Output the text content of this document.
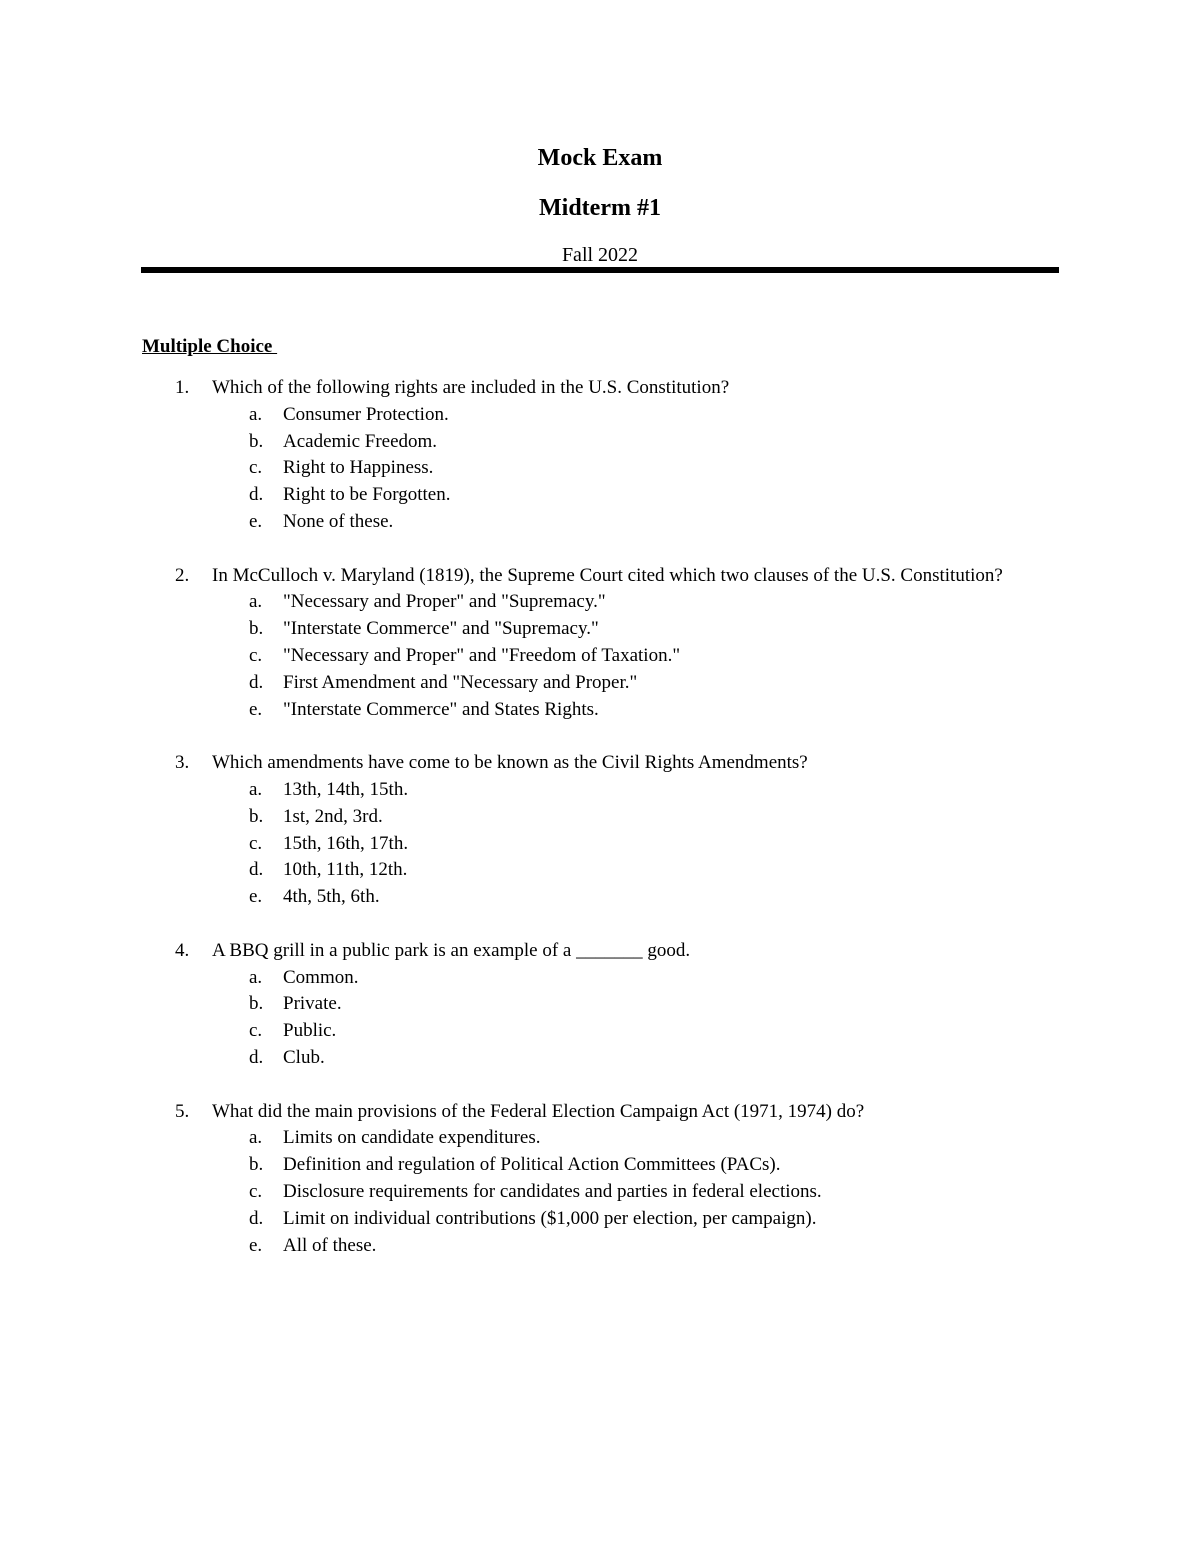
Mock Exam
Midterm #1
Fall 2022
Multiple Choice
1. Which of the following rights are included in the U.S. Constitution?
a. Consumer Protection.
b. Academic Freedom.
c. Right to Happiness.
d. Right to be Forgotten.
e. None of these.
2. In McCulloch v. Maryland (1819), the Supreme Court cited which two clauses of the U.S. Constitution?
a. "Necessary and Proper" and "Supremacy."
b. "Interstate Commerce" and "Supremacy."
c. "Necessary and Proper" and "Freedom of Taxation."
d. First Amendment and "Necessary and Proper."
e. "Interstate Commerce" and States Rights.
3. Which amendments have come to be known as the Civil Rights Amendments?
a. 13th, 14th, 15th.
b. 1st, 2nd, 3rd.
c. 15th, 16th, 17th.
d. 10th, 11th, 12th.
e. 4th, 5th, 6th.
4. A BBQ grill in a public park is an example of a _______ good.
a. Common.
b. Private.
c. Public.
d. Club.
5. What did the main provisions of the Federal Election Campaign Act (1971, 1974) do?
a. Limits on candidate expenditures.
b. Definition and regulation of Political Action Committees (PACs).
c. Disclosure requirements for candidates and parties in federal elections.
d. Limit on individual contributions ($1,000 per election, per campaign).
e. All of these.
